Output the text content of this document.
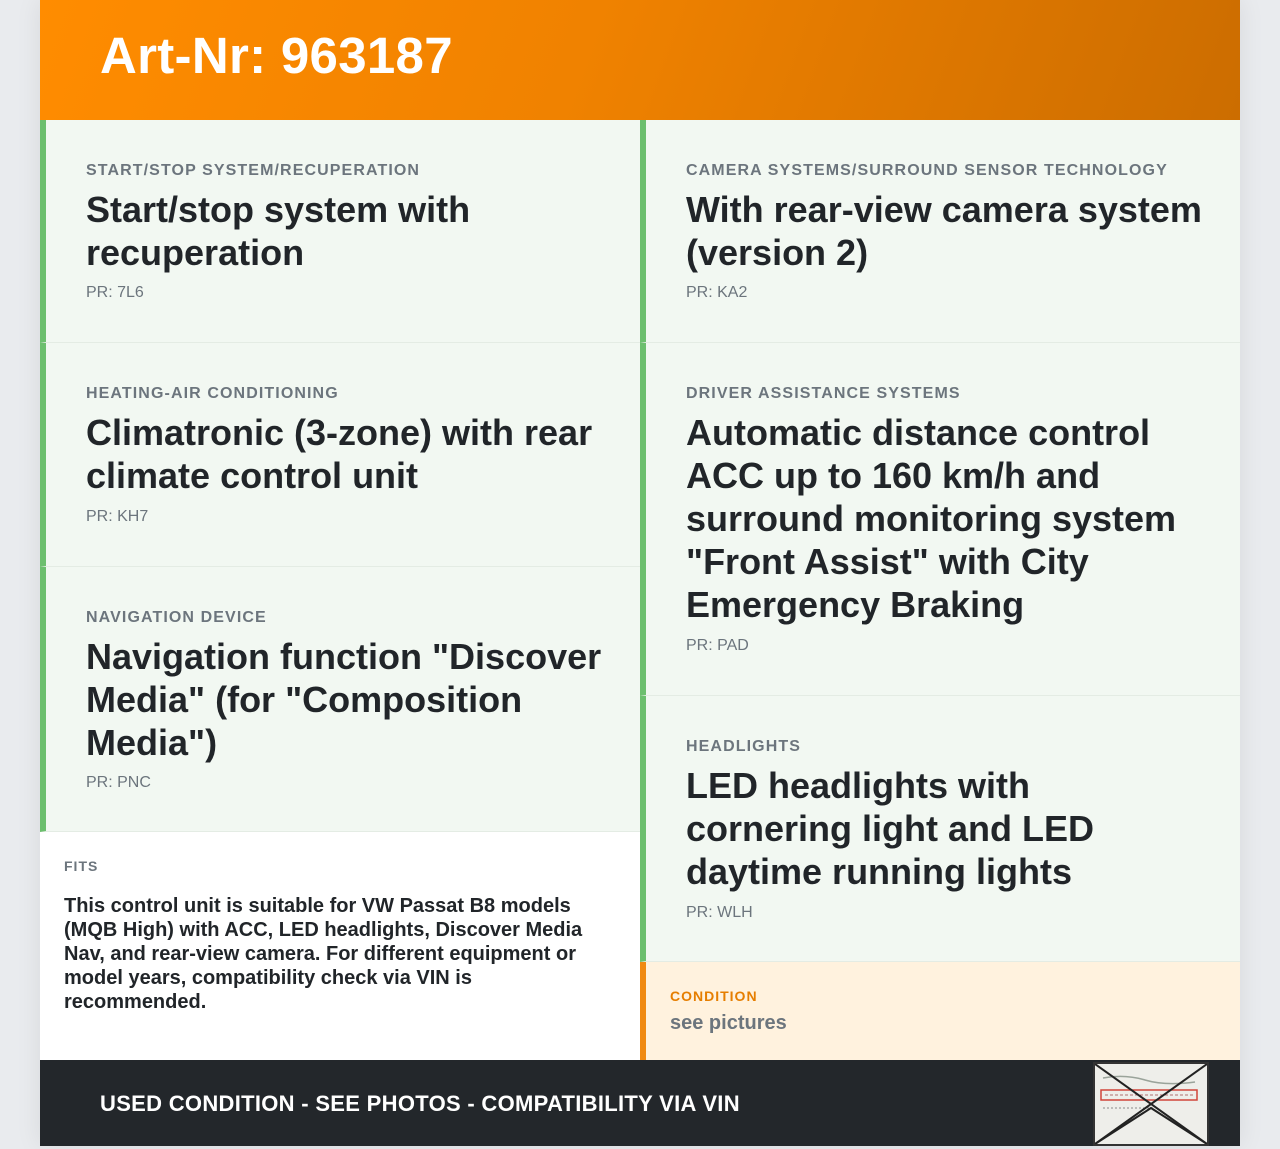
Art-Nr: 963187
START/STOP SYSTEM/RECUPERATION
Start/stop system with recuperation
PR: 7L6
HEATING-AIR CONDITIONING
Climatronic (3-zone) with rear climate control unit
PR: KH7
NAVIGATION DEVICE
Navigation function "Discover Media" (for "Composition Media")
PR: PNC
FITS
This control unit is suitable for VW Passat B8 models (MQB High) with ACC, LED headlights, Discover Media Nav, and rear-view camera. For different equipment or model years, compatibility check via VIN is recommended.
CAMERA SYSTEMS/SURROUND SENSOR TECHNOLOGY
With rear-view camera system (version 2)
PR: KA2
DRIVER ASSISTANCE SYSTEMS
Automatic distance control ACC up to 160 km/h and surround monitoring system "Front Assist" with City Emergency Braking
PR: PAD
HEADLIGHTS
LED headlights with cornering light and LED daytime running lights
PR: WLH
CONDITION
see pictures
USED CONDITION - SEE PHOTOS - COMPATIBILITY VIA VIN
